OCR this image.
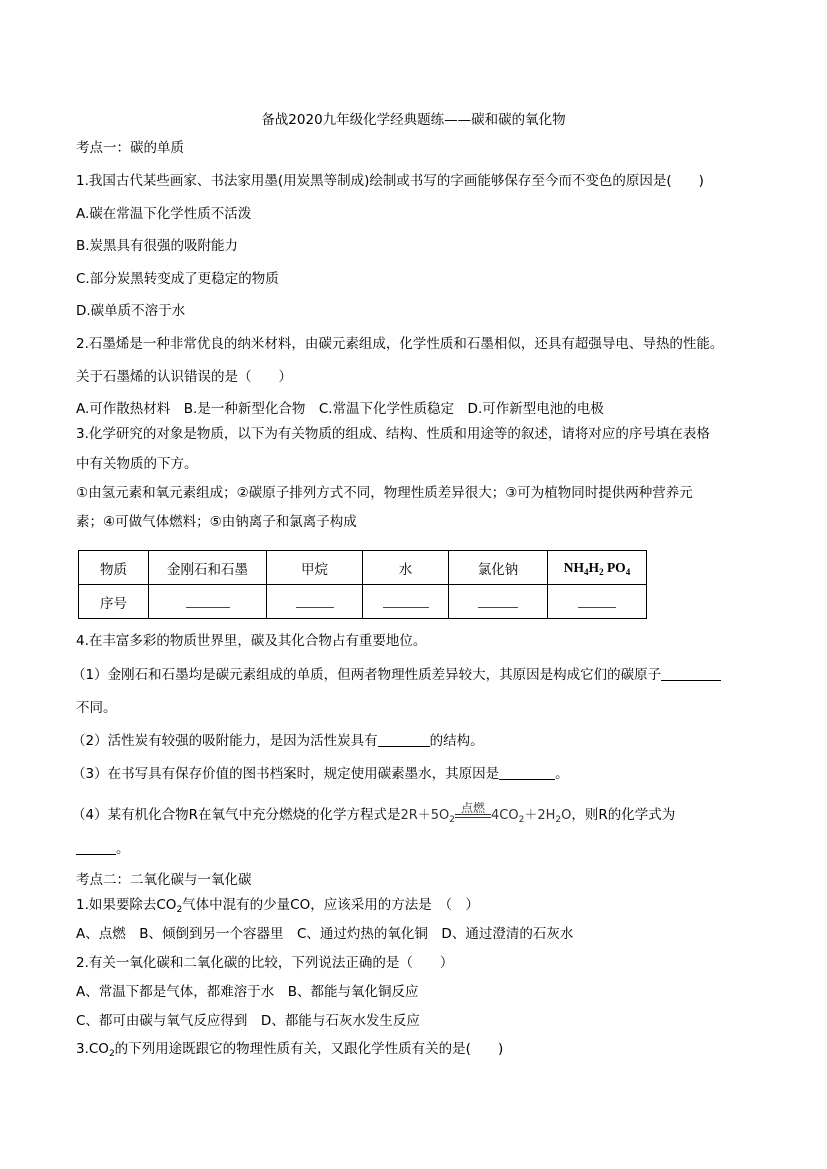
备战2020九年级化学经典题练——碳和碳的氧化物
考点一：碳的单质
1.我国古代某些画家、书法家用墨(用炭黑等制成)绘制或书写的字画能够保存至今而不变色的原因是(　　)
A.碳在常温下化学性质不活泼
B.炭黑具有很强的吸附能力
C.部分炭黑转变成了更稳定的物质
D.碳单质不溶于水
2.石墨烯是一种非常优良的纳米材料，由碳元素组成，化学性质和石墨相似，还具有超强导电、导热的性能。
关于石墨烯的认识错误的是（　　）
A.可作散热材料　B.是一种新型化合物　C.常温下化学性质稳定　D.可作新型电池的电极
3.化学研究的对象是物质，以下为有关物质的组成、结构、性质和用途等的叙述，请将对应的序号填在表格
中有关物质的下方。
①由氢元素和氧元素组成；②碳原子排列方式不同，物理性质差异很大；③可为植物同时提供两种营养元
素；④可做气体燃料；⑤由钠离子和氯离子构成
物质	金刚石和石墨	甲烷	水	氯化钠	$NH_4H_2$ $PO_4$
序号					
4.在丰富多彩的物质世界里，碳及其化合物占有重要地位。
（1）金刚石和石墨均是碳元素组成的单质，但两者物理性质差异较大，其原因是构成它们的碳原子
不同。
（2）活性炭有较强的吸附能力，是因为活性炭具有	的结构。
（3）在书写具有保存价值的图书档案时，规定使用碳素墨水，其原因是	。
（4）某有机化合物R在氧气中充分燃烧的化学方程式是$2R+5O_2$
点燃 $4CO_2+2H_2O$，则R的化学式为
。
考点二：二氧化碳与一氧化碳
1.如果要除去$CO_2$气体中混有的少量CO，应该采用的方法是　（　）
A、点燃　B、倾倒到另一个容器里　C、通过灼热的氧化铜　D、通过澄清的石灰水
2.有关一氧化碳和二氧化碳的比较，下列说法正确的是（　　）
A、常温下都是气体，都难溶于水　B、都能与氧化铜反应
C、都可由碳与氧气反应得到　D、都能与石灰水发生反应
$3.CO_2$的下列用途既跟它的物理性质有关，又跟化学性质有关的是(　　)
